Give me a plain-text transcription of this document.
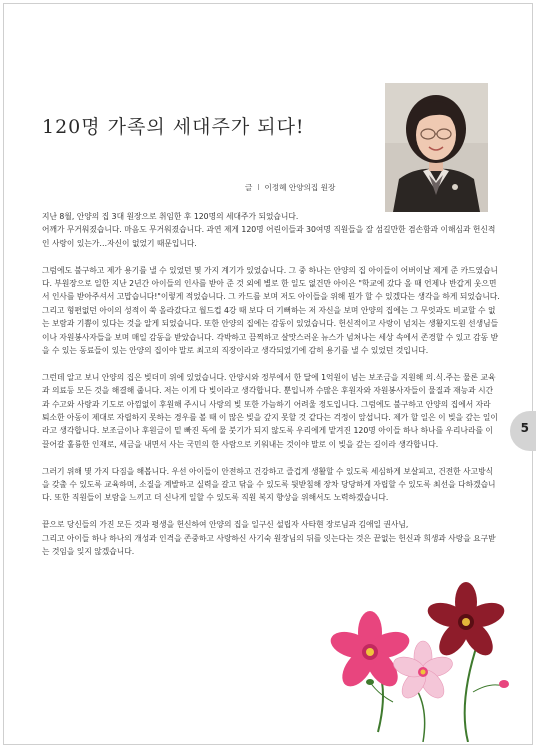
120명 가족의 세대주가 되다!
글 l 이정혜 안양의집 원장

지난 8월, 안양의 집 3대 원장으로 취임한 후 120명의 세대주가 되었습니다.
어깨가 무거워졌습니다. 마음도 무거워졌습니다. 과연 제게 120명 어린이들과 30여명 직원들을 잘 섬길만한 겸손함과 이해심과 헌신적인 사랑이 있는가…자신이 없었기 때문입니다.

그럼에도 불구하고 제가 용기를 낼 수 있었던 몇 가지 계기가 있었습니다. 그 중 하나는 안양의 집 아이들이 어버이날 제게 준 카드였습니다. 부원장으로 일한 지난 2년간 아이들의 인사를 받아 준 것 외에 별로 한 일도 없건만 아이은 "학교에 갔다 올 때 언제나 반갑게 웃으면서 인사를 받아주셔서 고맙습니다!"이렇게 적었습니다. 그 카드를 보며 저도 아이들을 위해 뭔가 할 수 있겠다는 생각을 하게 되었습니다. 그리고 형편없던 아이의 성적이 쑥 올라갔다고 월드컵 4강 때 보다 더 기뻐하는 저 자신을 보며 안양의 집에는 그 무엇과도 비교할 수 없는 보람과 기쁨이 있다는 것을 알게 되었습니다. 또한 안양의 집에는 감동이 있었습니다. 헌신적이고 사랑이 넘치는 생활지도원 선생님들이나 자원봉사자들을 보며 매일 감동을 받았습니다. 각박하고 끔찍하고 살맛스러운 뉴스가 넘쳐나는 세상 속에서 존경할 수 있고 감동 받을 수 있는 동료들이 있는 안양의 집이야 말로 최고의 직장이라고 생각되었기에 감히 용기를 낼 수 있었던 것입니다.

그런데 알고 보니 안양의 집은 빚더미 위에 있었습니다. 안양시와 정부에서 한 달에 1억원이 넘는 보조금을 지원해 의.식.주는 물론 교육과 의료등 모든 것을 해결해 줍니다. 저는 이게 다 빚이라고 생각합니다. 뿐입니까 수많은 후원자와 자원봉사자들이 물질과 재능과 시간과 수고와 사랑과 기도로 아낌없이 후원해 주시니 사랑의 빚 또한 가늠하기 어려울 정도입니다. 그럼에도 불구하고 안양의 집에서 자라 퇴소한 아동이 제대로 자립하지 못하는 경우를 볼 때 이 많은 빚을 갚지 못할 것 같다는 걱정이 앞섭니다. 제가 할 일은 이 빚을 갚는 일이라고 생각합니다. 보조금이나 후원금이 밑 빠진 독에 물 붓기가 되지 않도록 우리에게 맡겨진 120명 아이들 하나 하나를 우리나라를 이끌어갈 훌륭한 인재로, 세금을 내면서 사는 국민의 한 사람으로 키워내는 것이야 말로 이 빚을 갚는 길이라 생각합니다.

그러기 위해 몇 가지 다짐을 해봅니다. 우선 아이들이 안전하고 건강하고 즐겁게 생활할 수 있도록 세심하게 보살피고, 건전한 사고방식을 갖출 수 있도록 교육하며, 소질을 계발하고 실력을 갈고 닦을 수 있도록 뒷받침해 장차 당당하게 자립할 수 있도록 최선을 다하겠습니다. 또한 직원들이 보람을 느끼고 더 신나게 일할 수 있도록 직원 복지 향상을 위해서도 노력하겠습니다.

끝으로 당신들의 가진 모든 것과 평생을 헌신하여 안양의 집을 일구신 설립자 사타현 장로님과 김애일 권사님,
그리고 아이들 하나 하나의 개성과 인격을 존중하고 사랑하신 사기숙 원장님의 뒤를 잇는다는 것은 끝없는 헌신과 희생과 사랑을 요구받는 것임을 잊지 않겠습니다.

5
